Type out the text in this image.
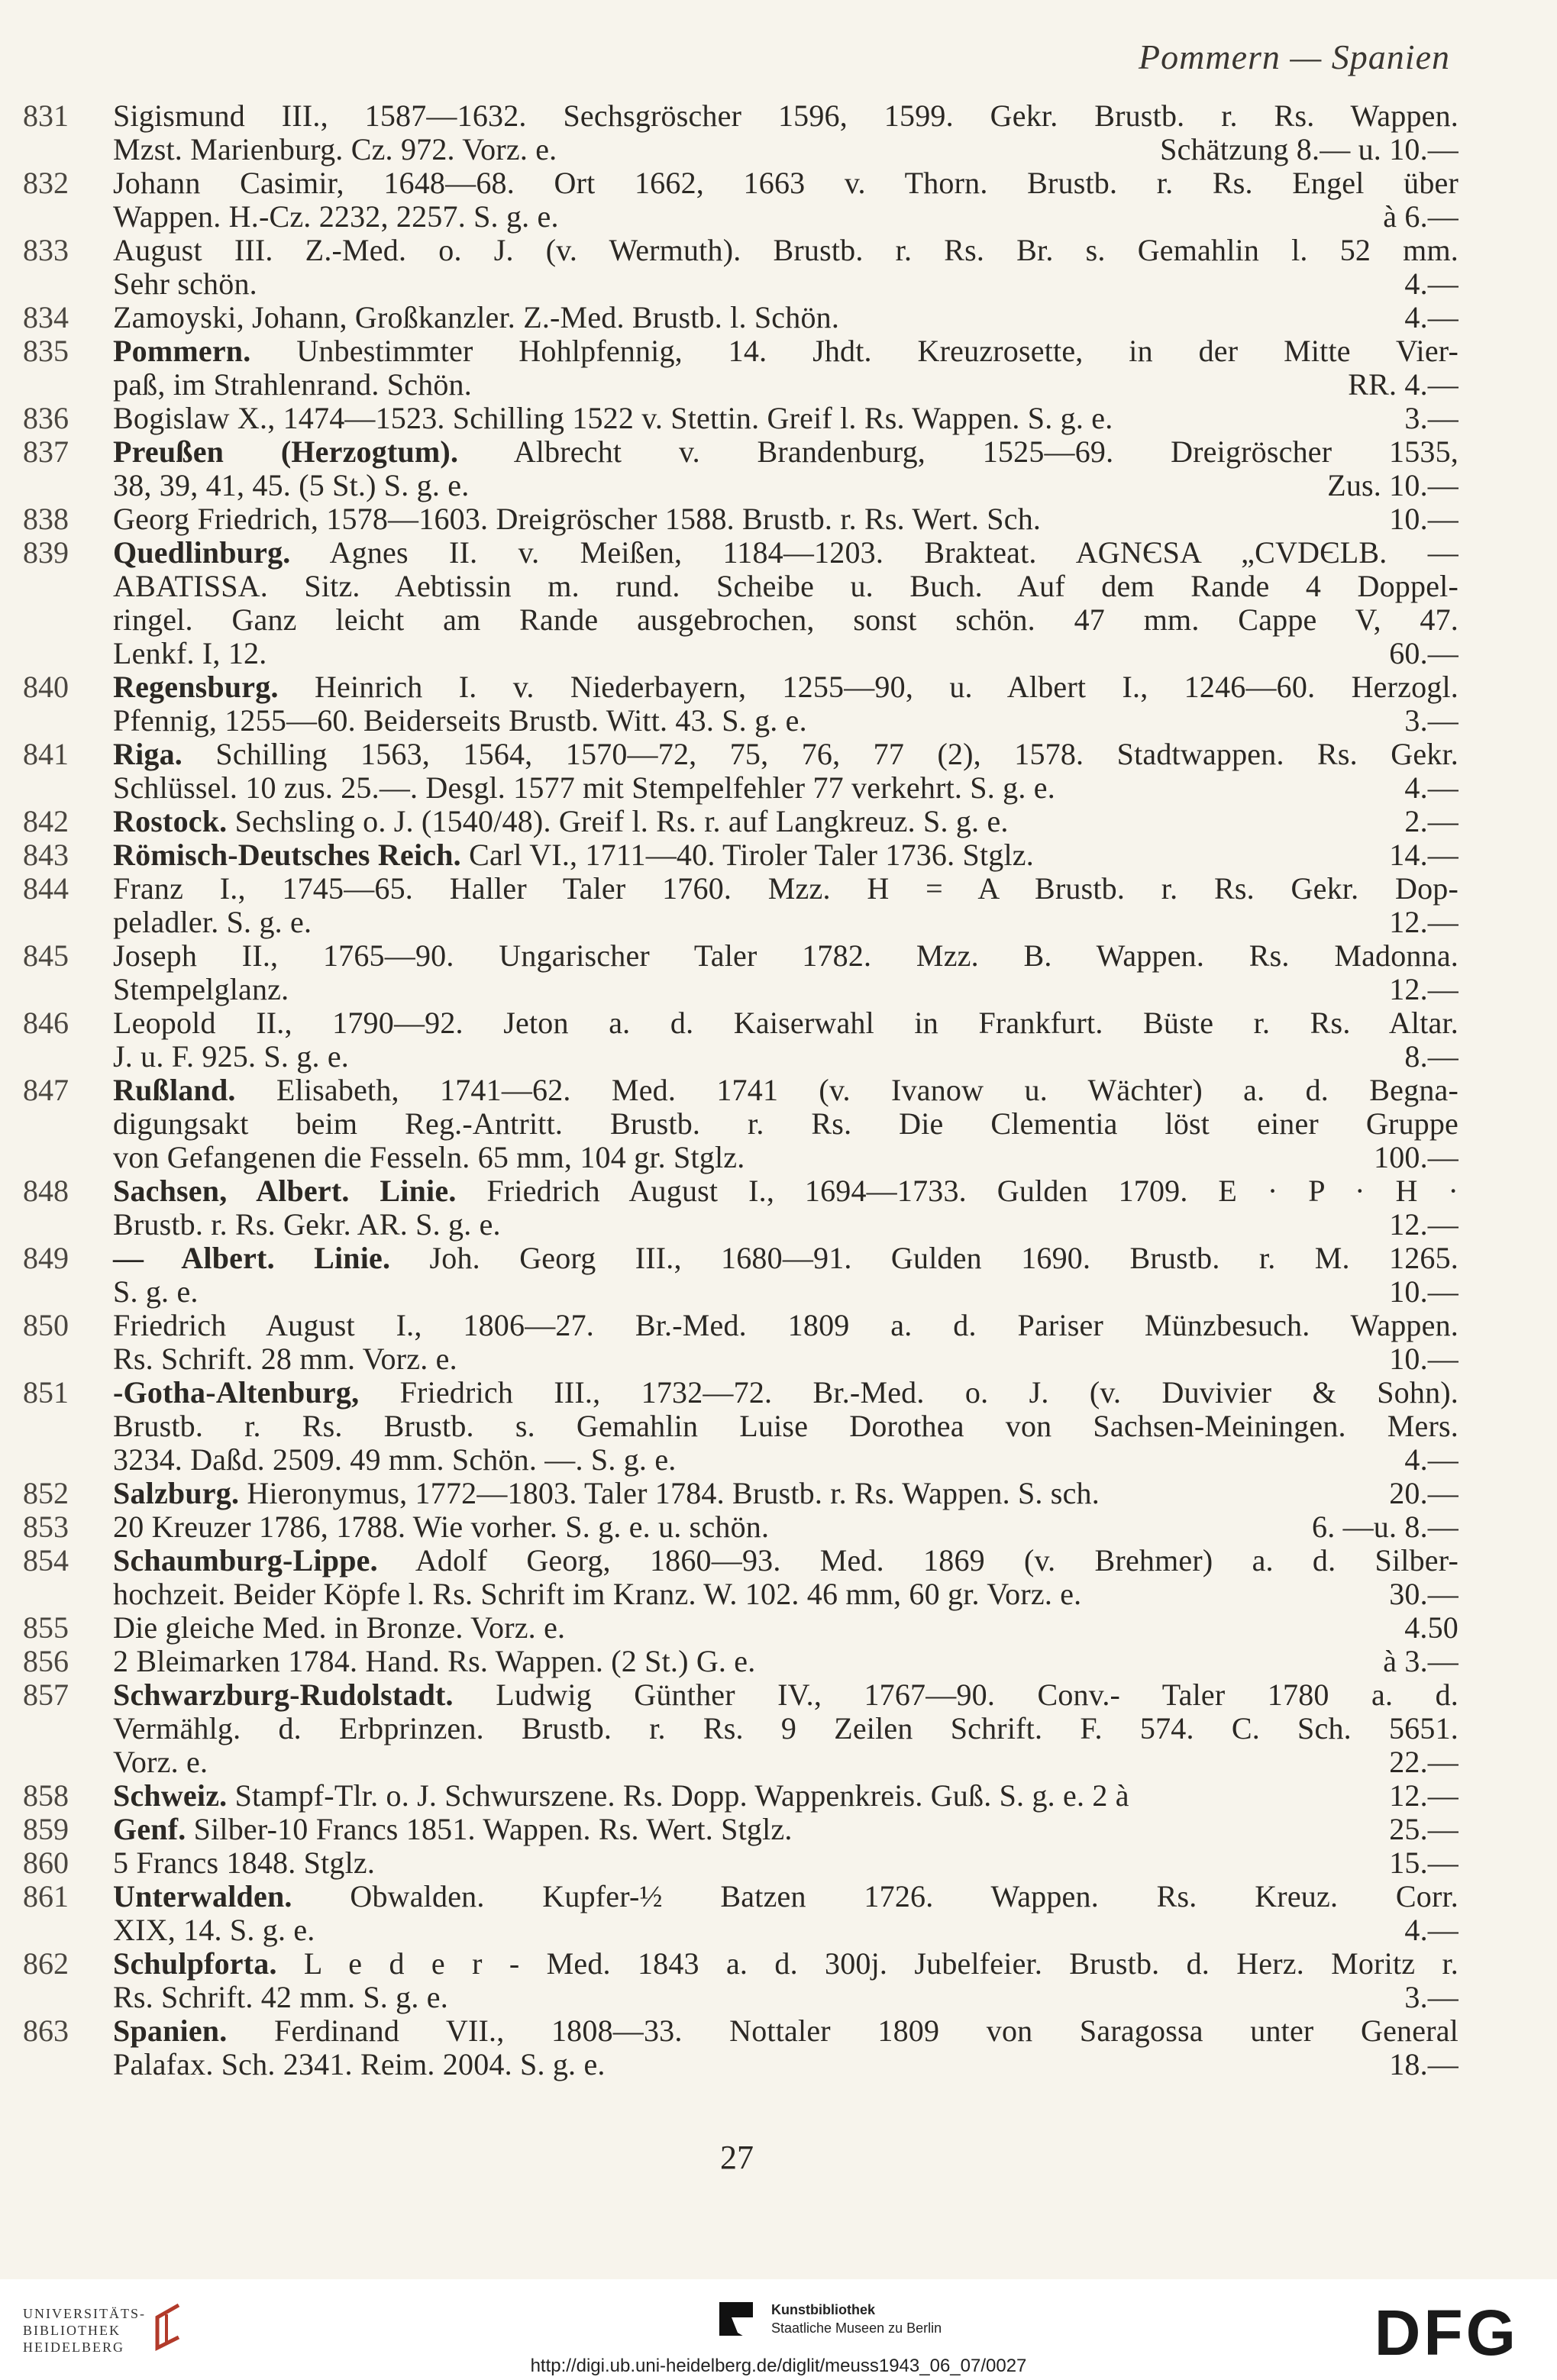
Pommern — Spanien
831	Sigismund III., 1587—1632. Sechsgröscher 1596, 1599. Gekr. Brustb. r. Rs. Wappen.
Mzst. Marienburg. Cz. 972. Vorz. e.	Schätzung 8.— u. 10.—
832	Johann Casimir, 1648—68. Ort 1662, 1663 v. Thorn. Brustb. r. Rs. Engel über
Wappen. H.-Cz. 2232, 2257. S. g. e.	à 6.—
833	August III. Z.-Med. o. J. (v. Wermuth). Brustb. r. Rs. Br. s. Gemahlin l. 52 mm.
Sehr schön.	4.—
834	Zamoyski, Johann, Großkanzler. Z.-Med. Brustb. l. Schön.	4.—
835	Pommern. Unbestimmter Hohlpfennig, 14. Jhdt. Kreuzrosette, in der Mitte Vier-
paß, im Strahlenrand. Schön.	RR. 4.—
836	Bogislaw X., 1474—1523. Schilling 1522 v. Stettin. Greif l. Rs. Wappen. S. g. e.	3.—
837	Preußen (Herzogtum). Albrecht v. Brandenburg, 1525—69. Dreigröscher 1535,
38, 39, 41, 45. (5 St.) S. g. e.	Zus. 10.—
838	Georg Friedrich, 1578—1603. Dreigröscher 1588. Brustb. r. Rs. Wert. Sch.	10.—
839	Quedlinburg. Agnes II. v. Meißen, 1184—1203. Brakteat. AGNЄSA „CVDЄLB. —
ABATISSA. Sitz. Aebtissin m. rund. Scheibe u. Buch. Auf dem Rande 4 Doppel-
ringel. Ganz leicht am Rande ausgebrochen, sonst schön. 47 mm. Cappe V, 47.
Lenkf. I, 12.	60.—
840	Regensburg. Heinrich I. v. Niederbayern, 1255—90, u. Albert I., 1246—60. Herzogl.
Pfennig, 1255—60. Beiderseits Brustb. Witt. 43. S. g. e.	3.—
841	Riga. Schilling 1563, 1564, 1570—72, 75, 76, 77 (2), 1578. Stadtwappen. Rs. Gekr.
Schlüssel. 10 zus. 25.—. Desgl. 1577 mit Stempelfehler 77 verkehrt. S. g. e.	4.—
842	Rostock. Sechsling o. J. (1540/48). Greif l. Rs. r. auf Langkreuz. S. g. e.	2.—
843	Römisch-Deutsches Reich. Carl VI., 1711—40. Tiroler Taler 1736. Stglz.	14.—
844	Franz I., 1745—65. Haller Taler 1760. Mzz. H = A Brustb. r. Rs. Gekr. Dop-
peladler. S. g. e.	12.—
845	Joseph II., 1765—90. Ungarischer Taler 1782. Mzz. B. Wappen. Rs. Madonna.
Stempelglanz.	12.—
846	Leopold II., 1790—92. Jeton a. d. Kaiserwahl in Frankfurt. Büste r. Rs. Altar.
J. u. F. 925. S. g. e.	8.—
847	Rußland. Elisabeth, 1741—62. Med. 1741 (v. Ivanow u. Wächter) a. d. Begna-
digungsakt beim Reg.-Antritt. Brustb. r. Rs. Die Clementia löst einer Gruppe
von Gefangenen die Fesseln. 65 mm, 104 gr. Stglz.	100.—
848	Sachsen, Albert. Linie. Friedrich August I., 1694—1733. Gulden 1709. E · P · H ·
Brustb. r. Rs. Gekr. AR. S. g. e.	12.—
849	— Albert. Linie. Joh. Georg III., 1680—91. Gulden 1690. Brustb. r. M. 1265.
S. g. e.	10.—
850	Friedrich August I., 1806—27. Br.-Med. 1809 a. d. Pariser Münzbesuch. Wappen.
Rs. Schrift. 28 mm. Vorz. e.	10.—
851	-Gotha-Altenburg, Friedrich III., 1732—72. Br.-Med. o. J. (v. Duvivier & Sohn).
Brustb. r. Rs. Brustb. s. Gemahlin Luise Dorothea von Sachsen-Meiningen. Mers.
3234. Daßd. 2509. 49 mm. Schön. —. S. g. e.	4.—
852	Salzburg. Hieronymus, 1772—1803. Taler 1784. Brustb. r. Rs. Wappen. S. sch.	20.—
853	20 Kreuzer 1786, 1788. Wie vorher. S. g. e. u. schön.	6. —u. 8.—
854	Schaumburg-Lippe. Adolf Georg, 1860—93. Med. 1869 (v. Brehmer) a. d. Silber-
hochzeit. Beider Köpfe l. Rs. Schrift im Kranz. W. 102. 46 mm, 60 gr. Vorz. e.	30.—
855	Die gleiche Med. in Bronze. Vorz. e.	4.50
856	2 Bleimarken 1784. Hand. Rs. Wappen. (2 St.) G. e.	à 3.—
857	Schwarzburg-Rudolstadt. Ludwig Günther IV., 1767—90. Conv.- Taler 1780 a. d.
Vermählg. d. Erbprinzen. Brustb. r. Rs. 9 Zeilen Schrift. F. 574. C. Sch. 5651.
Vorz. e.	22.—
858	Schweiz. Stampf-Tlr. o. J. Schwurszene. Rs. Dopp. Wappenkreis. Guß. S. g. e. 2 à	12.—
859	Genf. Silber-10 Francs 1851. Wappen. Rs. Wert. Stglz.	25.—
860	5 Francs 1848. Stglz.	15.—
861	Unterwalden. Obwalden. Kupfer-½ Batzen 1726. Wappen. Rs. Kreuz. Corr.
XIX, 14. S. g. e.	4.—
862	Schulpforta. L e d e r - Med. 1843 a. d. 300j. Jubelfeier. Brustb. d. Herz. Moritz r.
Rs. Schrift. 42 mm. S. g. e.	3.—
863	Spanien. Ferdinand VII., 1808—33. Nottaler 1809 von Saragossa unter General
Palafax. Sch. 2341. Reim. 2004. S. g. e.	18.—
27
UNIVERSITÄTS-
BIBLIOTHEK
HEIDELBERG
Kunstbibliothek
Staatliche Museen zu Berlin	DFG
http://digi.ub.uni-heidelberg.de/diglit/meuss1943_06_07/0027
